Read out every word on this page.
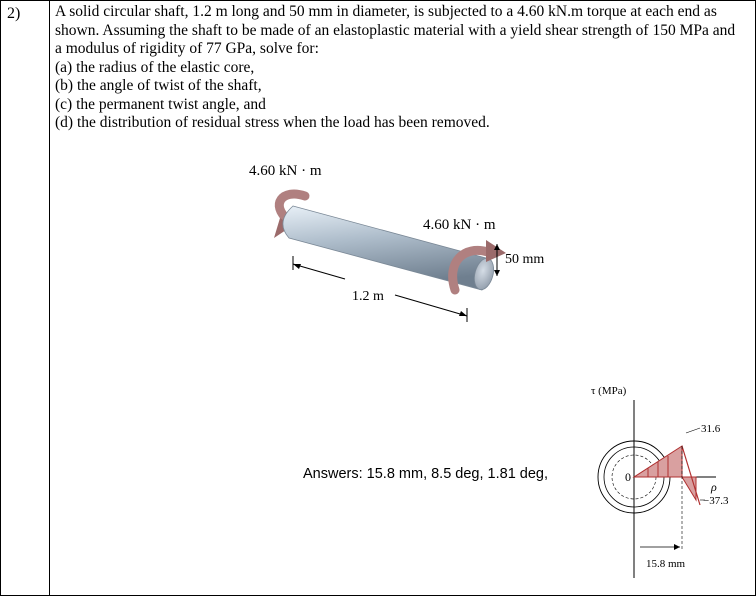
2) A solid circular shaft, 1.2 m long and 50 mm in diameter, is subjected to a 4.60 kN.m torque at each end as shown. Assuming the shaft to be made of an elastoplastic material with a yield shear strength of 150 MPa and a modulus of rigidity of 77 GPa, solve for:

(a) the radius of the elastic core,

(b) the angle of twist of the shaft,

(c) the permanent twist angle, and

(d) the distribution of residual stress when the load has been removed.

4.60 kN · m
4.60 kN · m
50 mm
1.2 m
τ (MPa)
0
31.6
−37.3
ρ
15.8 mm
Answers: 15.8 mm, 8.5 deg, 1.81 deg,
